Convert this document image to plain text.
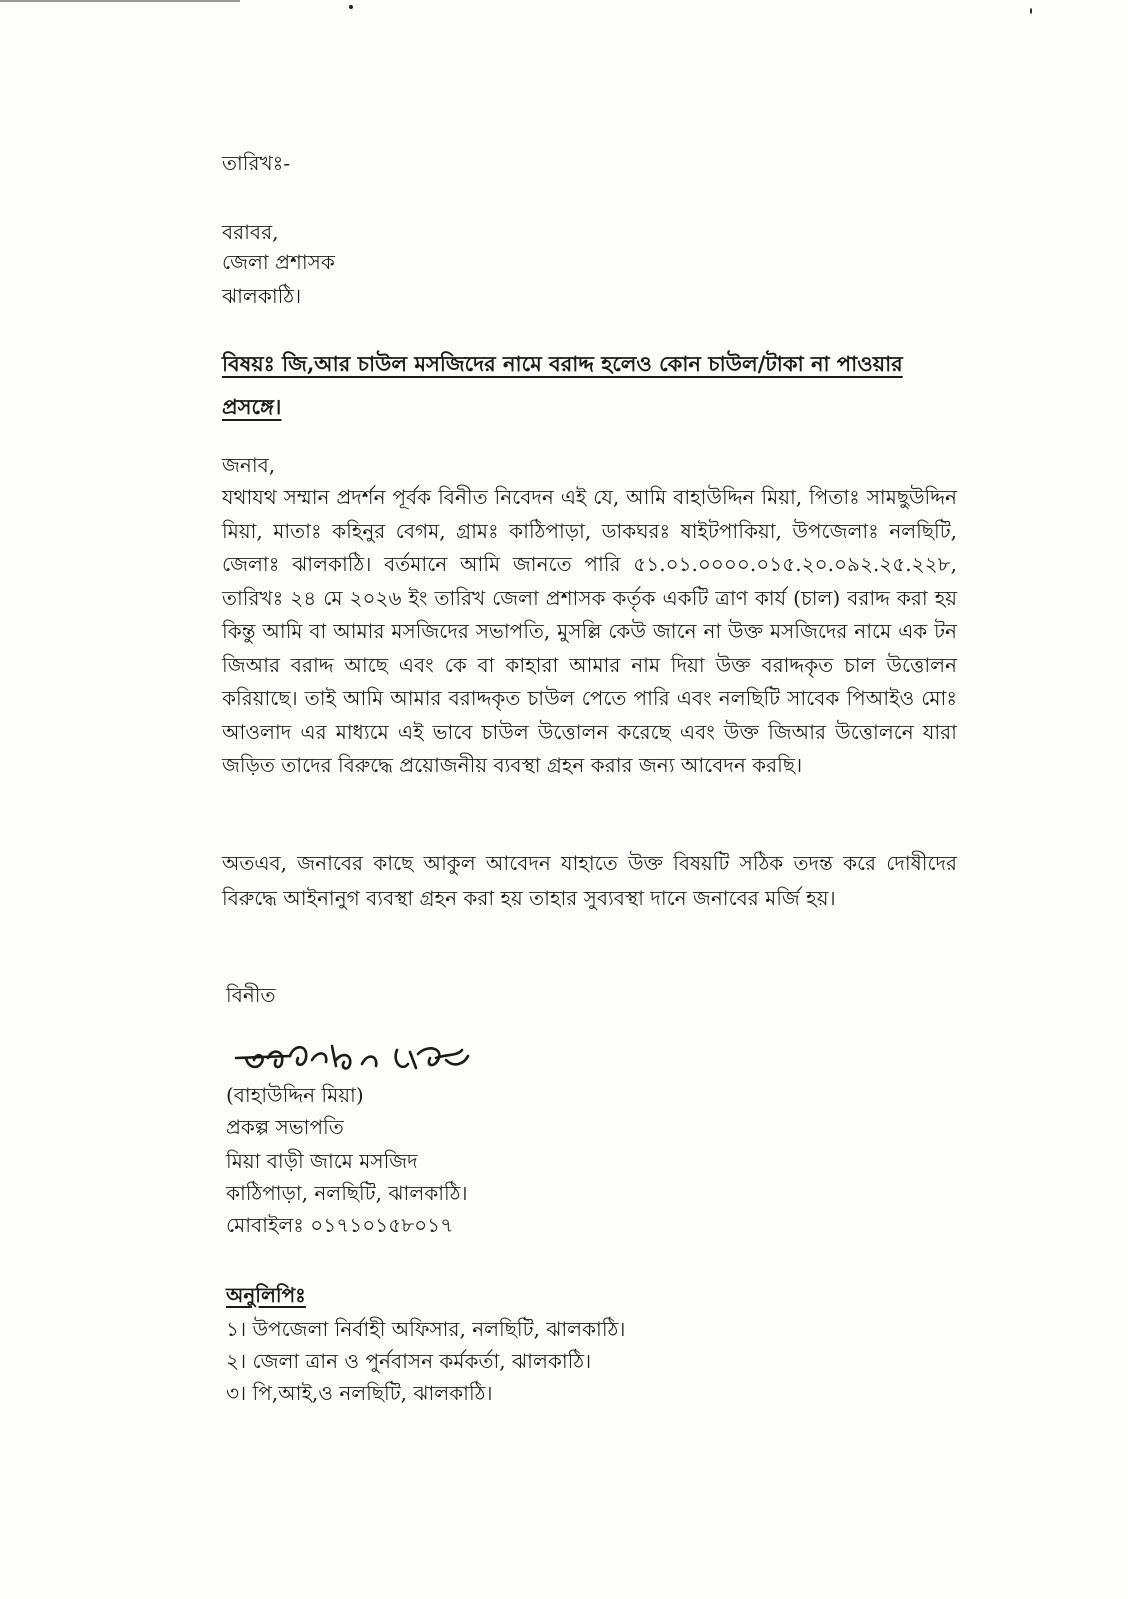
তারিখঃ-
বরাবর,
জেলা প্রশাসক
ঝালকাঠি।
বিষয়ঃ জি,আর চাউল মসজিদের নামে বরাদ্দ হলেও কোন চাউল/টাকা না পাওয়ার প্রসঙ্গে।
জনাব,
যথাযথ সম্মান প্রদর্শন পূর্বক বিনীত নিবেদন এই যে, আমি বাহাউদ্দিন মিয়া, পিতাঃ সামছুউদ্দিন মিয়া, মাতাঃ কহিনুর বেগম, গ্রামঃ কাঠিপাড়া, ডাকঘরঃ ষাইটপাকিয়া, উপজেলাঃ নলছিটি, জেলাঃ ঝালকাঠি। বর্তমানে আমি জানতে পারি ৫১.০১.০০০০.০১৫.২০.০৯২.২৫.২২৮, তারিখঃ ২৪ মে ২০২৬ ইং তারিখ জেলা প্রশাসক কর্তৃক একটি ত্রাণ কার্য (চাল) বরাদ্দ করা হয় কিন্তু আমি বা আমার মসজিদের সভাপতি, মুসল্লি কেউ জানে না উক্ত মসজিদের নামে এক টন জিআর বরাদ্দ আছে এবং কে বা কাহারা আমার নাম দিয়া উক্ত বরাদ্দকৃত চাল উত্তোলন করিয়াছে। তাই আমি আমার বরাদ্দকৃত চাউল পেতে পারি এবং নলছিটি সাবেক পিআইও মোঃ আওলাদ এর মাধ্যমে এই ভাবে চাউল উত্তোলন করেছে এবং উক্ত জিআর উত্তোলনে যারা জড়িত তাদের বিরুদ্ধে প্রয়োজনীয় ব্যবস্থা গ্রহন করার জন্য আবেদন করছি।
অতএব, জনাবের কাছে আকুল আবেদন যাহাতে উক্ত বিষয়টি সঠিক তদন্ত করে দোষীদের বিরুদ্ধে আইনানুগ ব্যবস্থা গ্রহন করা হয় তাহার সুব্যবস্থা দানে জনাবের মর্জি হয়।
বিনীত
(বাহাউদ্দিন মিয়া)
প্রকল্প সভাপতি
মিয়া বাড়ী জামে মসজিদ
কাঠিপাড়া, নলছিটি, ঝালকাঠি।
মোবাইলঃ ০১৭১০১৫৮০১৭
অনুলিপিঃ
১। উপজেলা নির্বাহী অফিসার, নলছিটি, ঝালকাঠি।
২। জেলা ত্রান ও পুর্নবাসন কর্মকর্তা, ঝালকাঠি।
৩। পি,আই,ও নলছিটি, ঝালকাঠি।
